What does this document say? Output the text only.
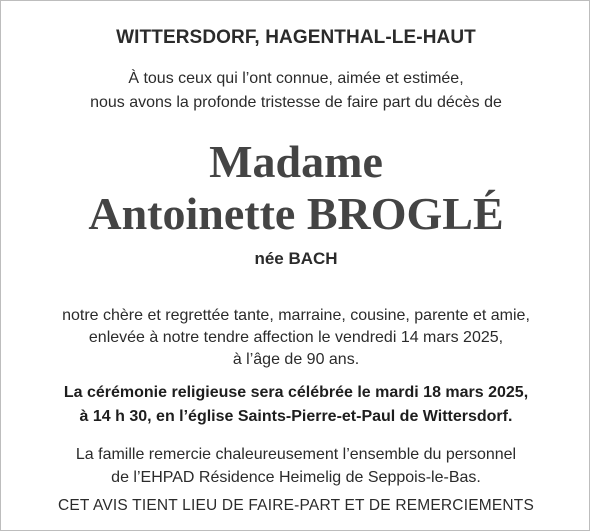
WITTERSDORF, HAGENTHAL-LE-HAUT
À tous ceux qui l’ont connue, aimée et estimée,
nous avons la profonde tristesse de faire part du décès de
Madame
Antoinette BROGLÉ
née BACH
notre chère et regrettée tante, marraine, cousine, parente et amie,
enlevée à notre tendre affection le vendredi 14 mars 2025,
à l’âge de 90 ans.
La cérémonie religieuse sera célébrée le mardi 18 mars 2025,
à 14 h 30, en l’église Saints-Pierre-et-Paul de Wittersdorf.
La famille remercie chaleureusement l’ensemble du personnel
de l’EHPAD Résidence Heimelig de Seppois-le-Bas.
CET AVIS TIENT LIEU DE FAIRE-PART ET DE REMERCIEMENTS
